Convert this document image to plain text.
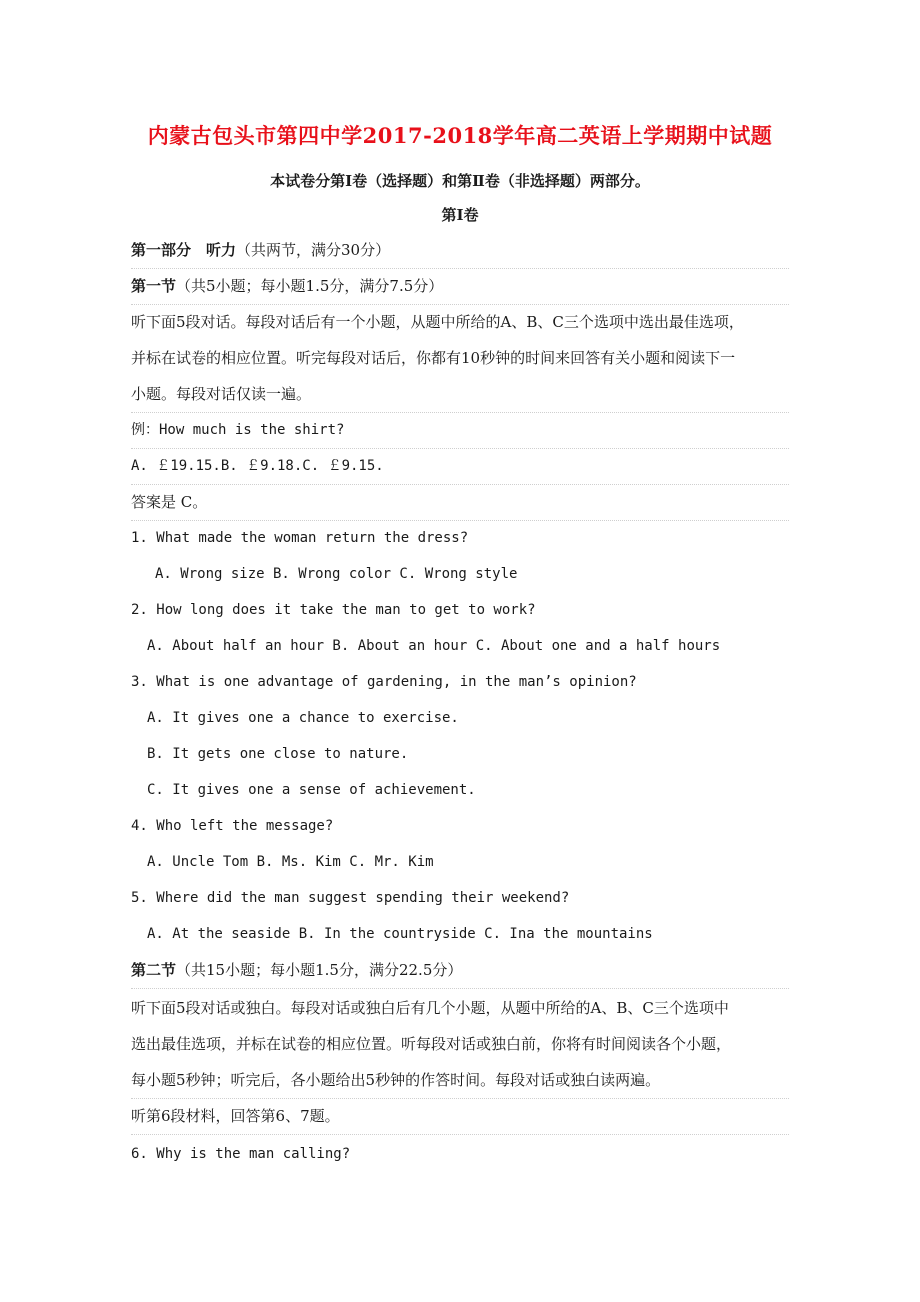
内蒙古包头市第四中学2017-2018学年高二英语上学期期中试题
本试卷分第Ⅰ卷（选择题）和第Ⅱ卷（非选择题）两部分。
第Ⅰ卷
第一部分　听力（共两节，满分30分）
第一节（共5小题；每小题1.5分，满分7.5分）
听下面5段对话。每段对话后有一个小题，从题中所给的A、B、C三个选项中选出最佳选项，
并标在试卷的相应位置。听完每段对话后，你都有10秒钟的时间来回答有关小题和阅读下一
小题。每段对话仅读一遍。
例：How much is the shirt?
A. ￡19.15.B. ￡9.18.C. ￡9.15.
答案是 C。
1. What made the woman return the dress?
A. Wrong size B. Wrong color C. Wrong style
2. How long does it take the man to get to work?
A. About half an hour B. About an hour C. About one and a half hours
3. What is one advantage of gardening, in the man’s opinion?
A. It gives one a chance to exercise.
B. It gets one close to nature.
C. It gives one a sense of achievement.
4. Who left the message?
A. Uncle Tom B. Ms. Kim C. Mr. Kim
5. Where did the man suggest spending their weekend?
A. At the seaside B. In the countryside C. Ina the mountains
第二节（共15小题；每小题1.5分，满分22.5分）
听下面5段对话或独白。每段对话或独白后有几个小题，从题中所给的A、B、C三个选项中
选出最佳选项，并标在试卷的相应位置。听每段对话或独白前，你将有时间阅读各个小题，
每小题5秒钟；听完后，各小题给出5秒钟的作答时间。每段对话或独白读两遍。
听第6段材料，回答第6、7题。
6. Why is the man calling?
